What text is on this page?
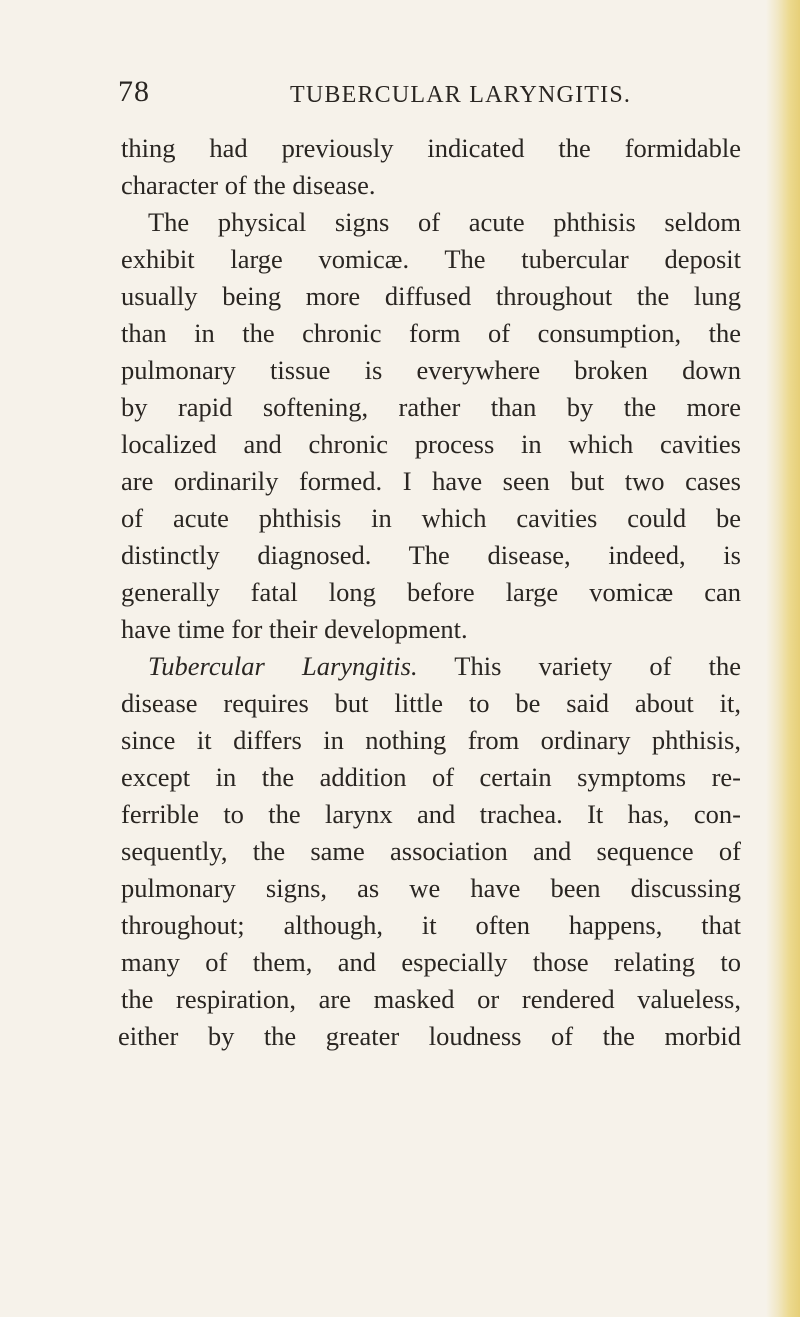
78	TUBERCULAR LARYNGITIS.
thing had previously indicated the formidable
character of the disease.
The physical signs of acute phthisis seldom
exhibit large vomicæ. The tubercular deposit
usually being more diffused throughout the lung
than in the chronic form of consumption, the
pulmonary tissue is everywhere broken down
by rapid softening, rather than by the more
localized and chronic process in which cavities
are ordinarily formed. I have seen but two cases
of acute phthisis in which cavities could be
distinctly diagnosed. The disease, indeed, is
generally fatal long before large vomicæ can
have time for their development.
Tubercular Laryngitis. This variety of the
disease requires but little to be said about it,
since it differs in nothing from ordinary phthisis,
except in the addition of certain symptoms re-
ferrible to the larynx and trachea. It has, con-
sequently, the same association and sequence of
pulmonary signs, as we have been discussing
throughout; although, it often happens, that
many of them, and especially those relating to
the respiration, are masked or rendered valueless,
either by the greater loudness of the morbid
